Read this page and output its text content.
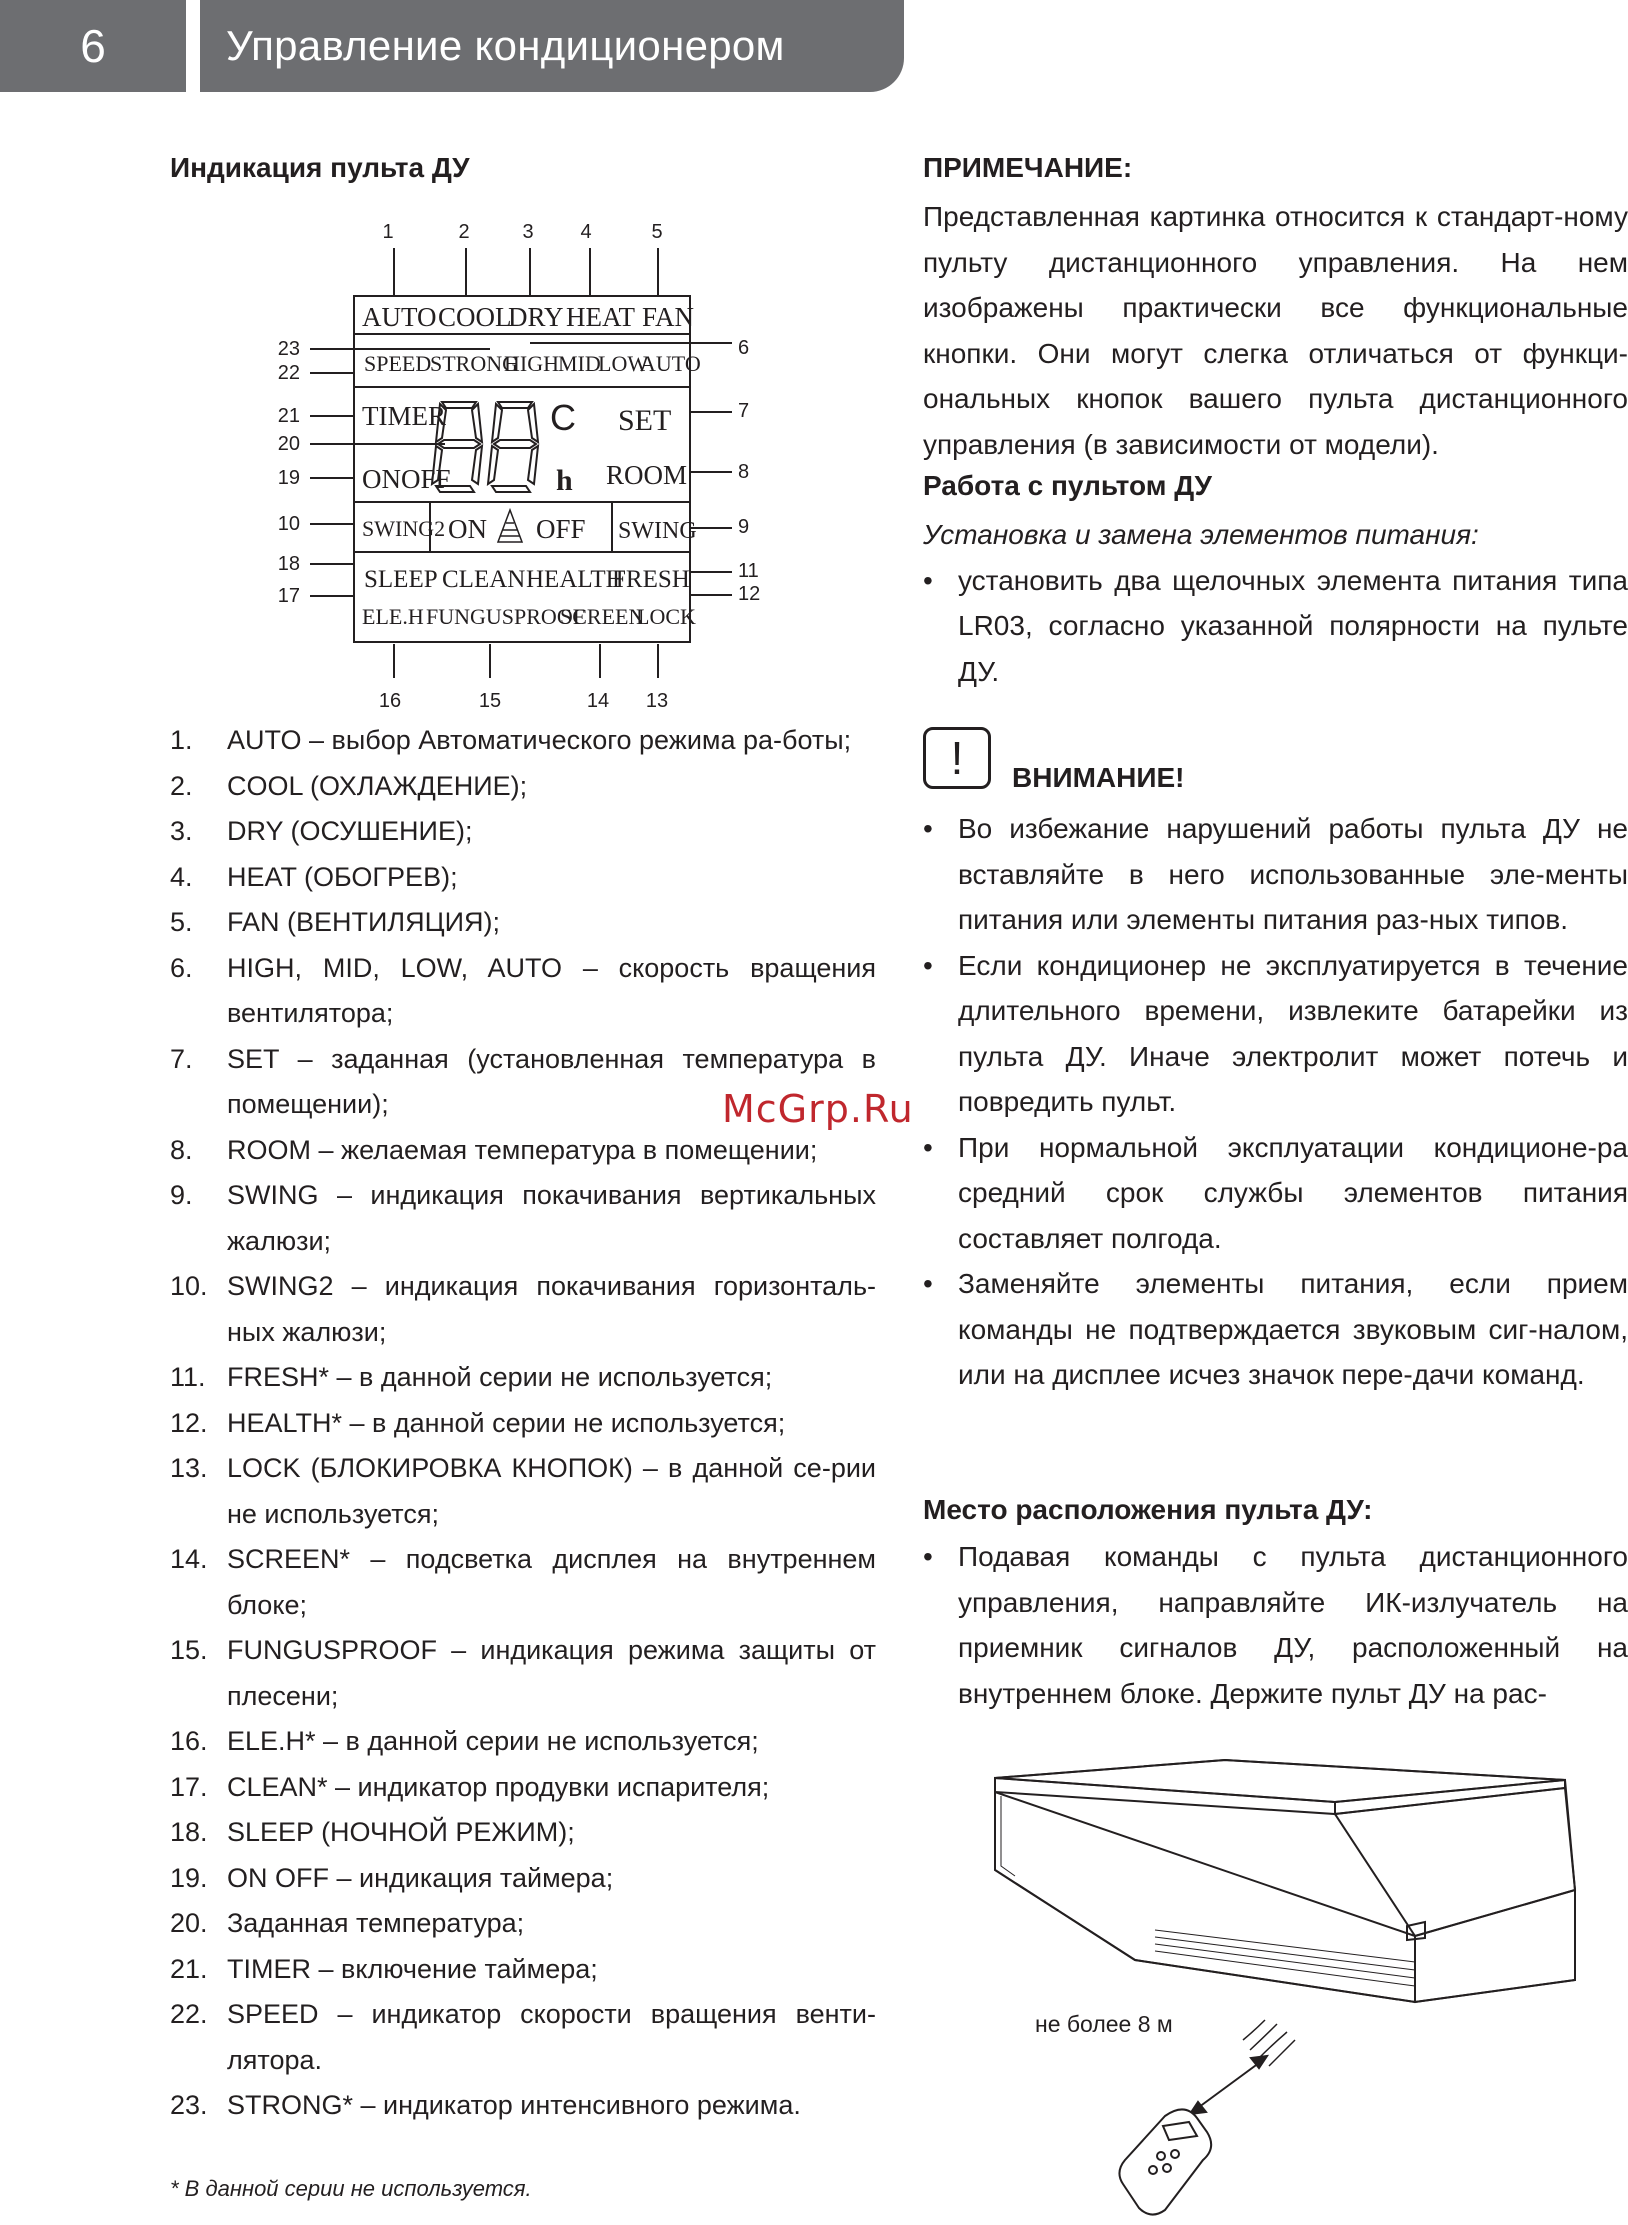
6	Управление кондиционером
Индикация пульта ДУ
1	2	3 4	5
16	15	14 13
23
22
21
20
19
10
18
17
6
7
8
9
11
12
AUTO COOL
DRY HEAT FAN
SPEED
STRONG
HIGH MID
LOW
AUTO
TIMER	C SET
ONOFF	h ROOM
SWING2 ON OFF SWING
SLEEP CLEAN HEALTH
FRESH
ELE.H FUNGUSPROOF
SCREEN
LOCK
1.	AUTO – выбор Автоматического режима ра-боты;
2.	COOL (ОХЛАЖДЕНИЕ);
3.	DRY (ОСУШЕНИЕ);
4.	HEAT (ОБОГРЕВ);
5.	FAN (ВЕНТИЛЯЦИЯ);
6.	HIGH, MID, LOW, AUTO – скорость вращения вентилятора;
7.	SET – заданная (установленная температура в помещении);
8.	ROOM – желаемая температура в помещении;
9.	SWING – индикация покачивания вертикальных жалюзи;
10. SWING2 – индикация покачивания горизонталь-ных жалюзи;
11. FRESH* – в данной серии не используется;
12. HEALTH* – в данной серии не используется;
13. LOCK (БЛОКИРОВКА КНОПОК) – в данной се-рии не используется;
14. SCREEN* – подсветка дисплея на внутреннем блоке;
15. FUNGUSPROOF – индикация режима защиты от плесени;
16. ELE.H* – в данной серии не используется;
17. CLEAN* – индикатор продувки испарителя;
18. SLEEP (НОЧНОЙ РЕЖИМ);
19. ON OFF – индикация таймера;
20. Заданная температура;
21. TIMER – включение таймера;
22. SPEED – индикатор скорости вращения венти-лятора.
23. STRONG* – индикатор интенсивного режима.
* В данной серии не используется.
ПРИМЕЧАНИЕ:

Представленная картинка относится к стандарт-ному пульту дистанционного управления. На нем изображены практически все функциональные кнопки. Они могут слегка отличаться от функци-ональных кнопок вашего пульта дистанционного управления (в зависимости от модели).

Работа с пультом ДУ

Установка и замена элементов питания:

• установить два щелочных элемента питания типа LR03, согласно указанной полярности на пульте ДУ.

! ВНИМАНИЕ!

• Во избежание нарушений работы пульта ДУ не вставляйте в него использованные эле-менты питания или элементы питания раз-ных типов.

• Если кондиционер не эксплуатируется в течение длительного времени, извлеките батарейки из пульта ДУ. Иначе электролит может потечь и повредить пульт.

• При нормальной эксплуатации кондиционе-ра средний срок службы элементов питания составляет полгода.

• Заменяйте элементы питания, если прием команды не подтверждается звуковым сиг-налом, или на дисплее исчез значок пере-дачи команд.

Место расположения пульта ДУ:

• Подавая команды с пульта дистанционного управления, направляйте ИК-излучатель на приемник сигналов ДУ, расположенный на внутреннем блоке. Держите пульт ДУ на рас-

не более 8 м
McGrp.Ru
